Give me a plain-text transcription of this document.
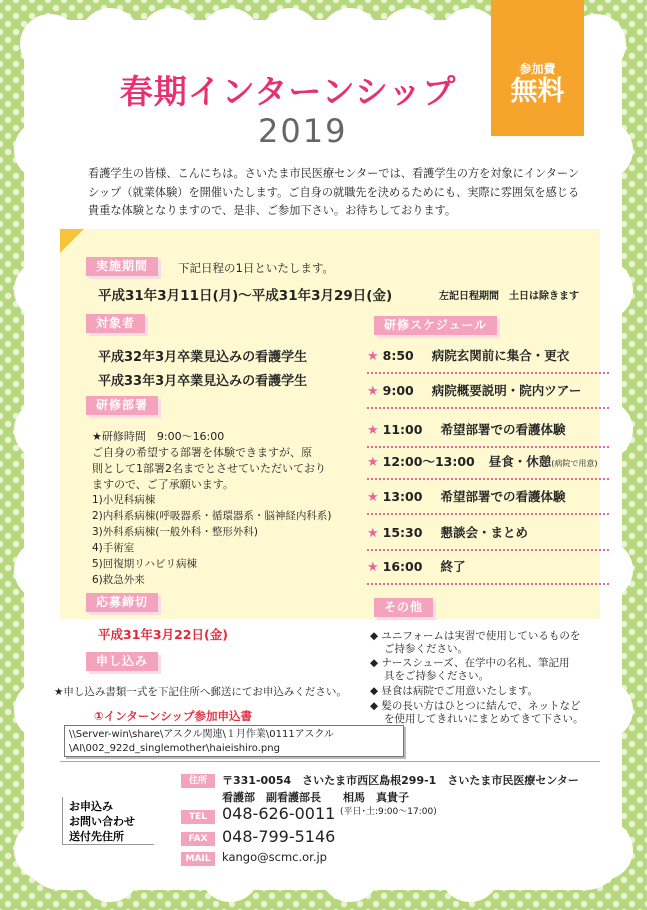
春期インターンシップ
2019
参加費
無料
看護学生の皆様、こんにちは。さいたま市民医療センターでは、看護学生の方を対象にインターンシップ（就業体験）を開催いたします。ご自身の就職先を決めるためにも、実際に雰囲気を感じる貴重な体験となりますので、是非、ご参加下さい。お待ちしております。
実施期間	下記日程の1日といたします。
平成31年3月11日(月)～平成31年3月29日(金)	左記日程期間　土日は除きます
対象者
平成32年3月卒業見込みの看護学生
平成33年3月卒業見込みの看護学生
研修部署
★研修時間　9:00～16:00
ご自身の希望する部署を体験できますが、原
則として1部署2名までとさせていただいており
ますので、ご了承願います。
1)小児科病棟
2)内科系病棟(呼吸器系・循環器系・脳神経内科系)
3)外科系病棟(一般外科・整形外科)
4)手術室
5)回復期リハビリ病棟
6)救急外来
応募締切
平成31年3月22日(金)
申し込み
★申し込み書類一式を下記住所へ郵送にてお申込みください。
①インターンシップ参加申込書
\\Server-win\share\アスクル関連\１月作業\0111アスクル
\AI\002_922d_singlemother\haieishiro.png
研修スケジュール
★ 8:50 病院玄関前に集合・更衣
★ 9:00 病院概要説明・院内ツアー
★ 11:00 希望部署での看護体験
★ 12:00～13:00 昼食・休憩(病院で用意)
★ 13:00 希望部署での看護体験
★ 15:30 懇談会・まとめ
★ 16:00 終了
その他
◆ ユニフォームは実習で使用しているものを
ご持参ください。
◆ ナースシューズ、在学中の名札、筆記用
具をご持参ください。
◆ 昼食は病院でご用意いたします。
◆ 髪の長い方はひとつに結んで、ネットなど
を使用してきれいにまとめてきて下さい。
お申込み
お問い合わせ
送付先住所
住所	〒331-0054　さいたま市西区島根299-1　さいたま市民医療センター
看護部　副看護部長　　相馬　真貴子
TEL 048-626-0011 (平日･土:9:00～17:00)
FAX 048-799-5146
MAIL	kango@scmc.or.jp
